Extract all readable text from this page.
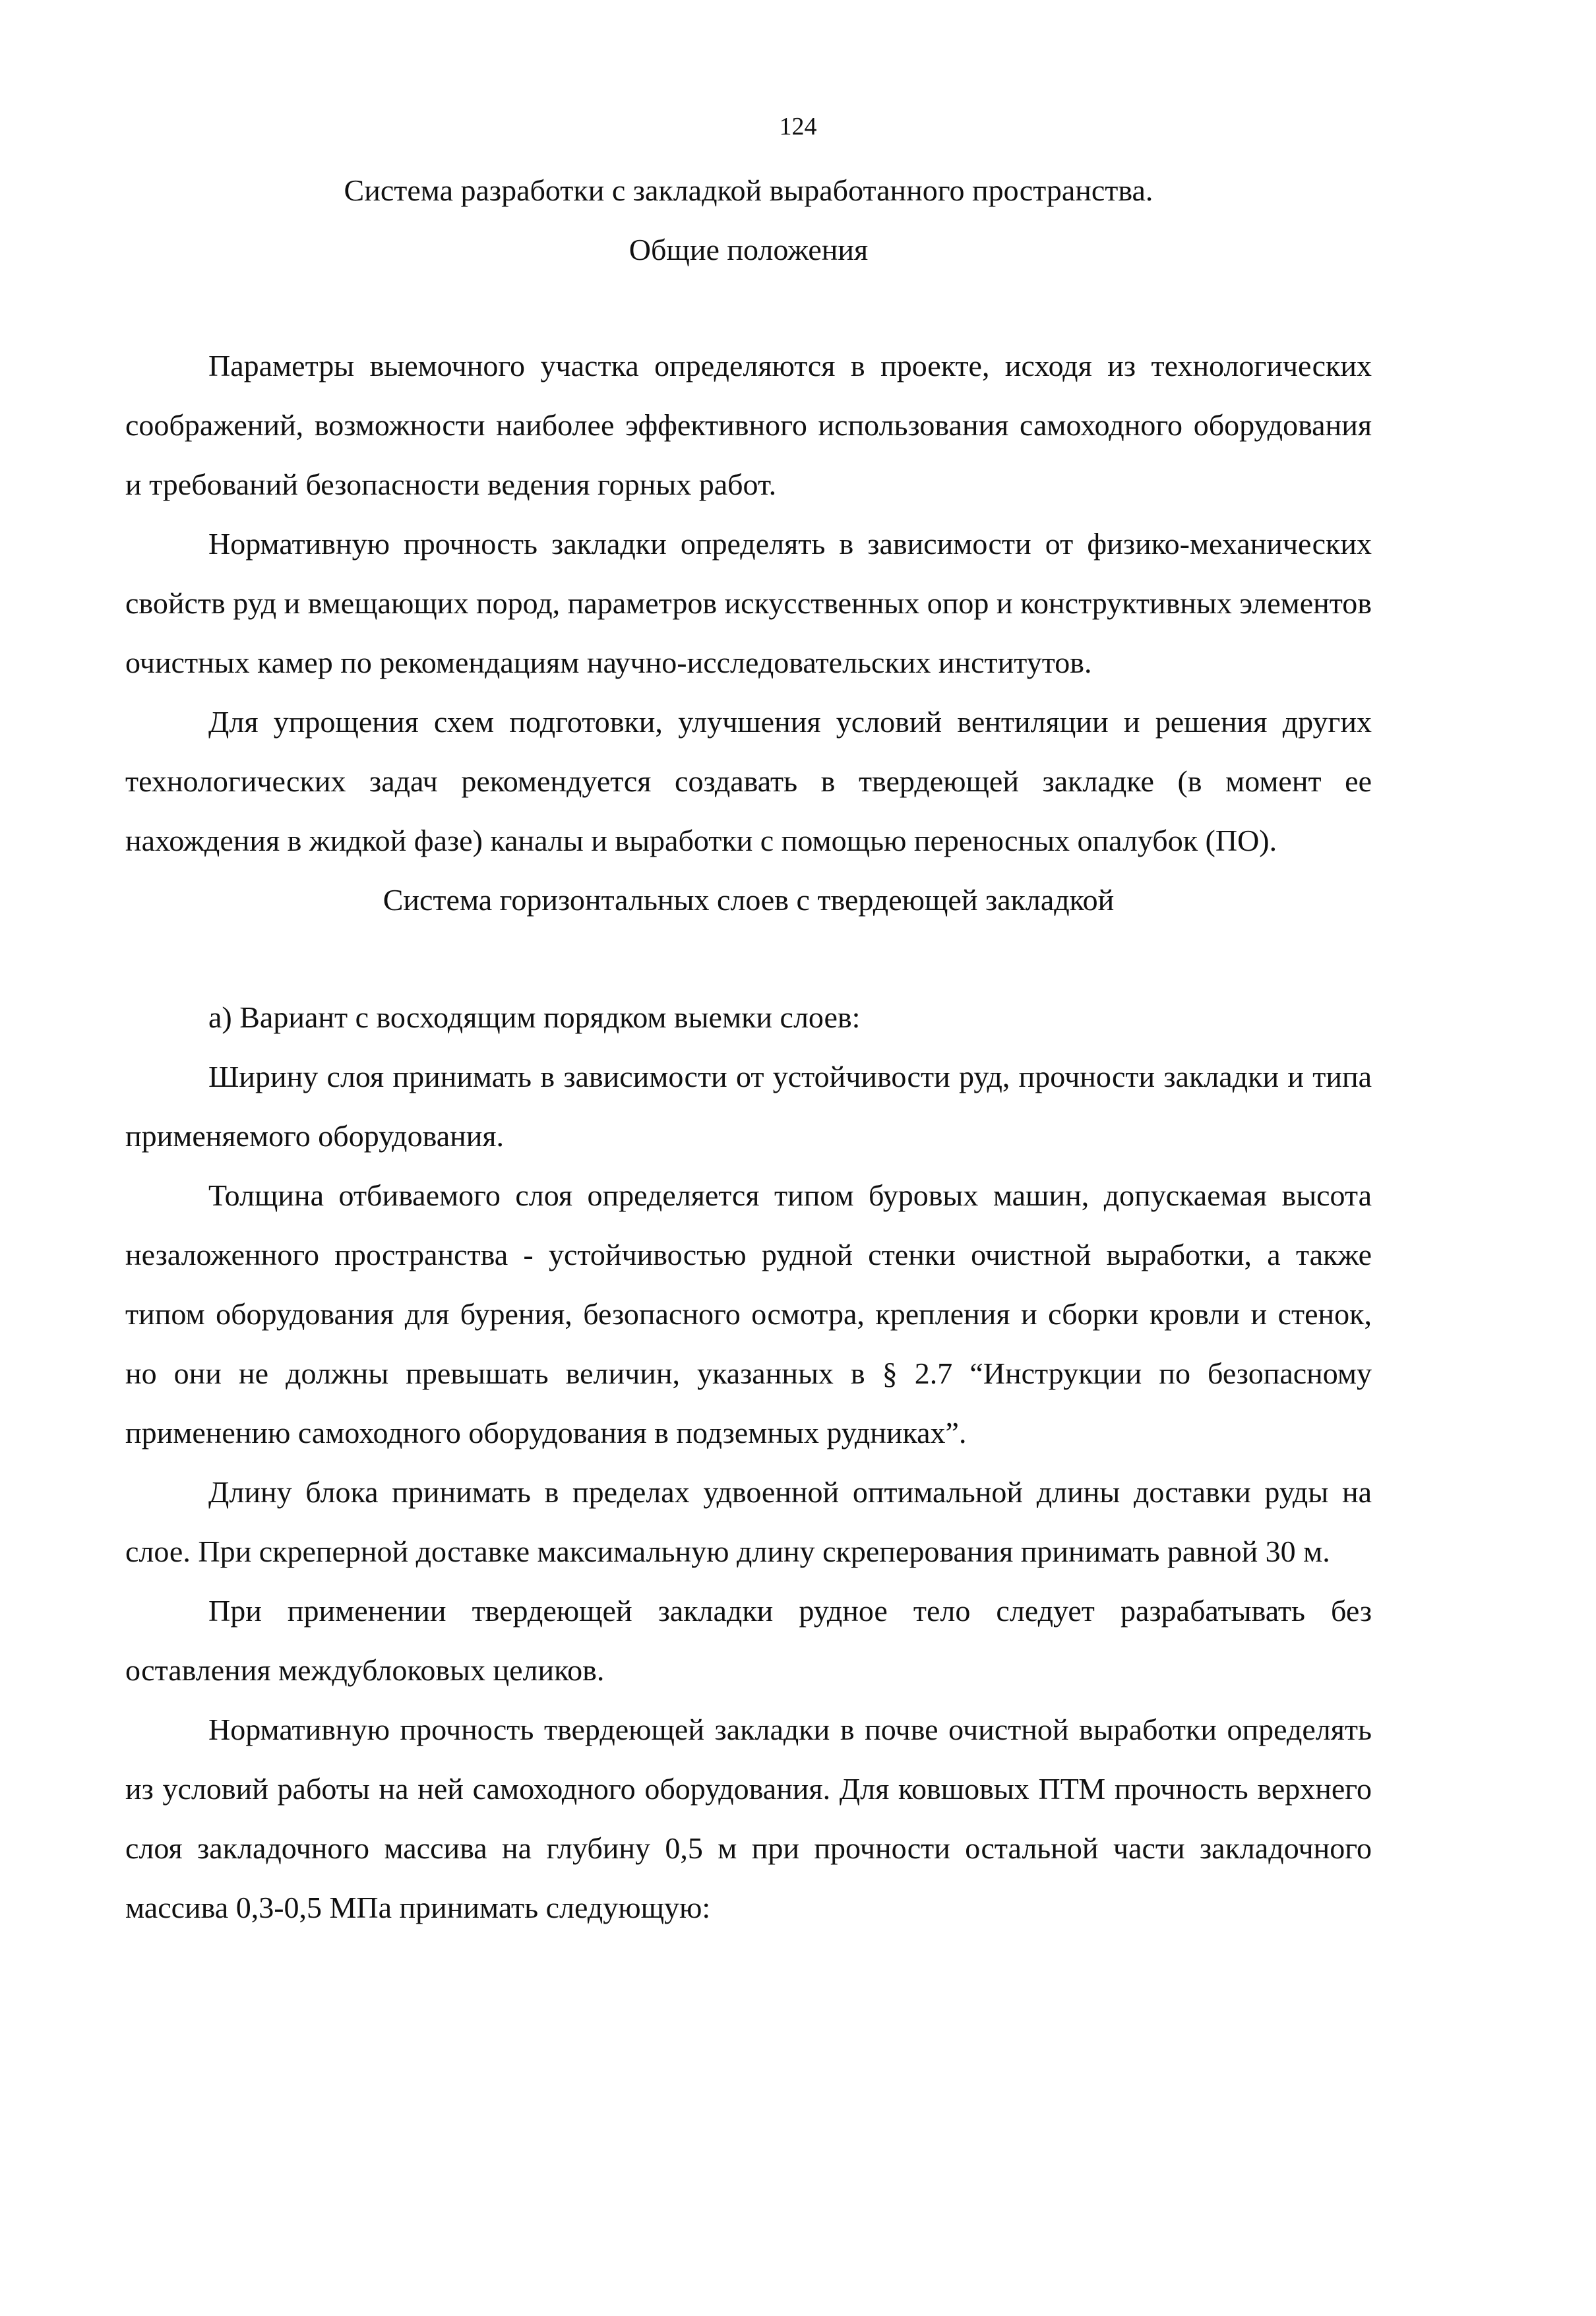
124

Система разработки с закладкой выработанного пространства.

Общие положения

Параметры выемочного участка определяются в проекте, исходя из технологических соображений, возможности наиболее эффективного использования самоходного оборудования и требований безопасности ведения горных работ.

Нормативную прочность закладки определять в зависимости от физико-механических свойств руд и вмещающих пород, параметров искусственных опор и конструктивных элементов очистных камер по рекомендациям научно-исследовательских институтов.

Для упрощения схем подготовки, улучшения условий вентиляции и решения других технологических задач рекомендуется создавать в твердеющей закладке (в момент ее нахождения в жидкой фазе) каналы и выработки с помощью переносных опалубок (ПО).

Система горизонтальных слоев с твердеющей закладкой

а) Вариант с восходящим порядком выемки слоев:

Ширину слоя принимать в зависимости от устойчивости руд, прочности закладки и типа применяемого оборудования.

Толщина отбиваемого слоя определяется типом буровых машин, допускаемая высота незаложенного пространства - устойчивостью рудной стенки очистной выработки, а также типом оборудования для бурения, безопасного осмотра, крепления и сборки кровли и стенок, но они не должны превышать величин, указанных в § 2.7 “Инструкции по безопасному применению самоходного оборудования в подземных рудниках”.

Длину блока принимать в пределах удвоенной оптимальной длины доставки руды на слое. При скреперной доставке максимальную длину скреперования принимать равной 30 м.

При применении твердеющей закладки рудное тело следует разрабатывать без оставления междублоковых целиков.

Нормативную прочность твердеющей закладки в почве очистной выработки определять из условий работы на ней самоходного оборудования. Для ковшовых ПТМ прочность верхнего слоя закладочного массива на глубину 0,5 м при прочности остальной части закладочного массива 0,3-0,5 МПа принимать следующую:
